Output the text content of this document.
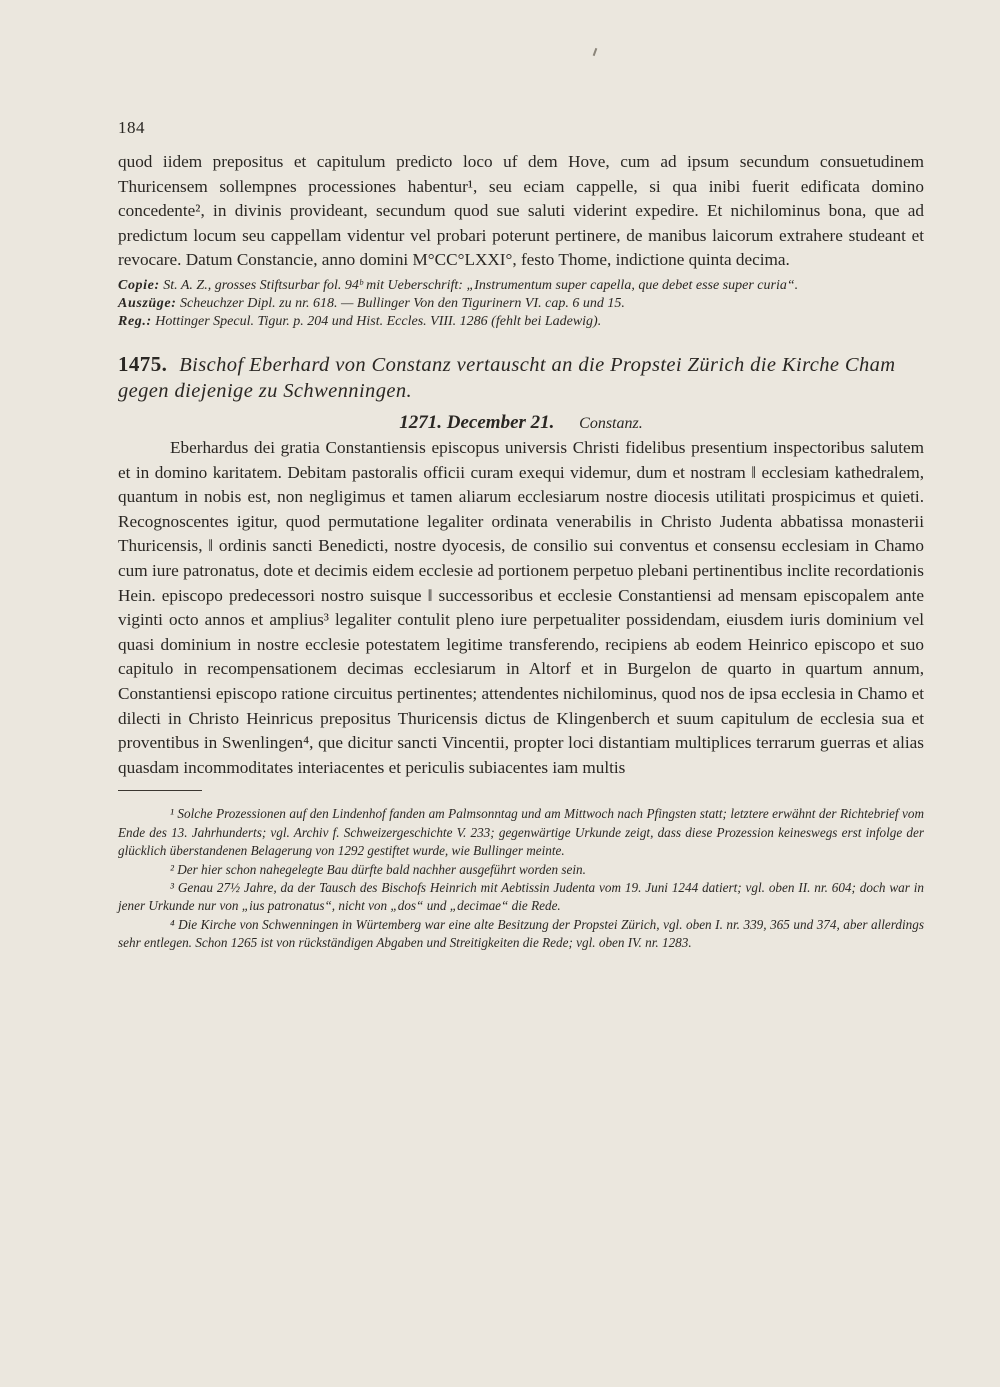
184

quod iidem prepositus et capitulum predicto loco uf dem Hove, cum ad ipsum secundum consuetudinem Thuricensem sollempnes processiones habentur¹, seu eciam cappelle, si qua inibi fuerit edificata domino concedente², in divinis provideant, secundum quod sue saluti viderint expedire. Et nichilominus bona, que ad predictum locum seu cappellam videntur vel probari poterunt pertinere, de manibus laicorum extrahere studeant et revocare. Datum Constancie, anno domini M°CC°LXXI°, festo Thome, indictione quinta decima.

Copie: St. A. Z., grosses Stiftsurbar fol. 94ᵇ mit Ueberschrift: „Instrumentum super capella, que debet esse super curia“.

Auszüge: Scheuchzer Dipl. zu nr. 618. — Bullinger Von den Tigurinern VI. cap. 6 und 15.

Reg.: Hottinger Specul. Tigur. p. 204 und Hist. Eccles. VIII. 1286 (fehlt bei Ladewig).

1475. Bischof Eberhard von Constanz vertauscht an die Propstei Zürich die Kirche Cham gegen diejenige zu Schwenningen.

1271. December 21. Constanz.

Eberhardus dei gratia Constantiensis episcopus universis Christi fidelibus presentium inspectoribus salutem et in domino karitatem. Debitam pastoralis officii curam exequi videmur, dum et nostram ‖ ecclesiam kathedralem, quantum in nobis est, non negligimus et tamen aliarum ecclesiarum nostre diocesis utilitati prospicimus et quieti. Recognoscentes igitur, quod permutatione legaliter ordinata venerabilis in Christo Judenta abbatissa monasterii Thuricensis, ‖ ordinis sancti Benedicti, nostre dyocesis, de consilio sui conventus et consensu ecclesiam in Chamo cum iure patronatus, dote et decimis eidem ecclesie ad portionem perpetuo plebani pertinentibus inclite recordationis Hein. episcopo predecessori nostro suisque ‖ successoribus et ecclesie Constantiensi ad mensam episcopalem ante viginti octo annos et amplius³ legaliter contulit pleno iure perpetualiter possidendam, eiusdem iuris dominium vel quasi dominium in nostre ecclesie potestatem legitime transferendo, recipiens ab eodem Heinrico episcopo et suo capitulo in recompensationem decimas ecclesiarum in Altorf et in Burgelon de quarto in quartum annum, Constantiensi episcopo ratione circuitus pertinentes; attendentes nichilominus, quod nos de ipsa ecclesia in Chamo et dilecti in Christo Heinricus prepositus Thuricensis dictus de Klingenberch et suum capitulum de ecclesia sua et proventibus in Swenlingen⁴, que dicitur sancti Vincentii, propter loci distantiam multiplices terrarum guerras et alias quasdam incommoditates interiacentes et periculis subiacentes iam multis

¹ Solche Prozessionen auf den Lindenhof fanden am Palmsonntag und am Mittwoch nach Pfingsten statt; letztere erwähnt der Richtebrief vom Ende des 13. Jahrhunderts; vgl. Archiv f. Schweizergeschichte V. 233; gegenwärtige Urkunde zeigt, dass diese Prozession keineswegs erst infolge der glücklich überstandenen Belagerung von 1292 gestiftet wurde, wie Bullinger meinte.

² Der hier schon nahegelegte Bau dürfte bald nachher ausgeführt worden sein.

³ Genau 27½ Jahre, da der Tausch des Bischofs Heinrich mit Aebtissin Judenta vom 19. Juni 1244 datiert; vgl. oben II. nr. 604; doch war in jener Urkunde nur von „ius patronatus“, nicht von „dos“ und „decimae“ die Rede.

⁴ Die Kirche von Schwenningen in Würtemberg war eine alte Besitzung der Propstei Zürich, vgl. oben I. nr. 339, 365 und 374, aber allerdings sehr entlegen. Schon 1265 ist von rückständigen Abgaben und Streitigkeiten die Rede; vgl. oben IV. nr. 1283.
